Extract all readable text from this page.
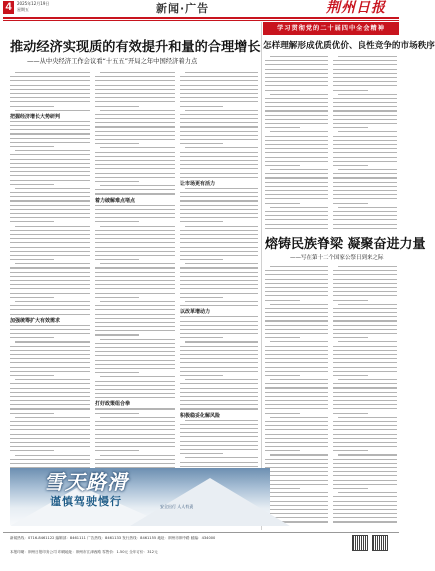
4	2025年12月19日
星期五	新闻·广告	荆州日报
推动经济实现质的有效提升和量的合理增长
——从中央经济工作会议看“十五五”开局之年中国经济着力点
学习贯彻党的二十届四中全会精神
怎样理解形成优质优价、良性竞争的市场秩序
把握经济增长大势研判
加强统筹扩大有效需求
着力破解难点堵点
打好政策组合拳
让市场更有活力
以改革增动力
积极稳妥化解风险
熔铸民族脊梁 凝聚奋进力量
——写在第十二个国家公祭日到来之际
雪天路滑
谨慎驾驶慢行	安全出行 人人有责
新闻热线：0716-8461122 编辑部：8461111 广告热线：8461133 发行热线：8461155 地址：荆州市荆中路 邮编：434000
本报印刷：荆州日报印务公司 印刷地址：荆州市江津西路 零售价：1.50元 全年订价：312元
